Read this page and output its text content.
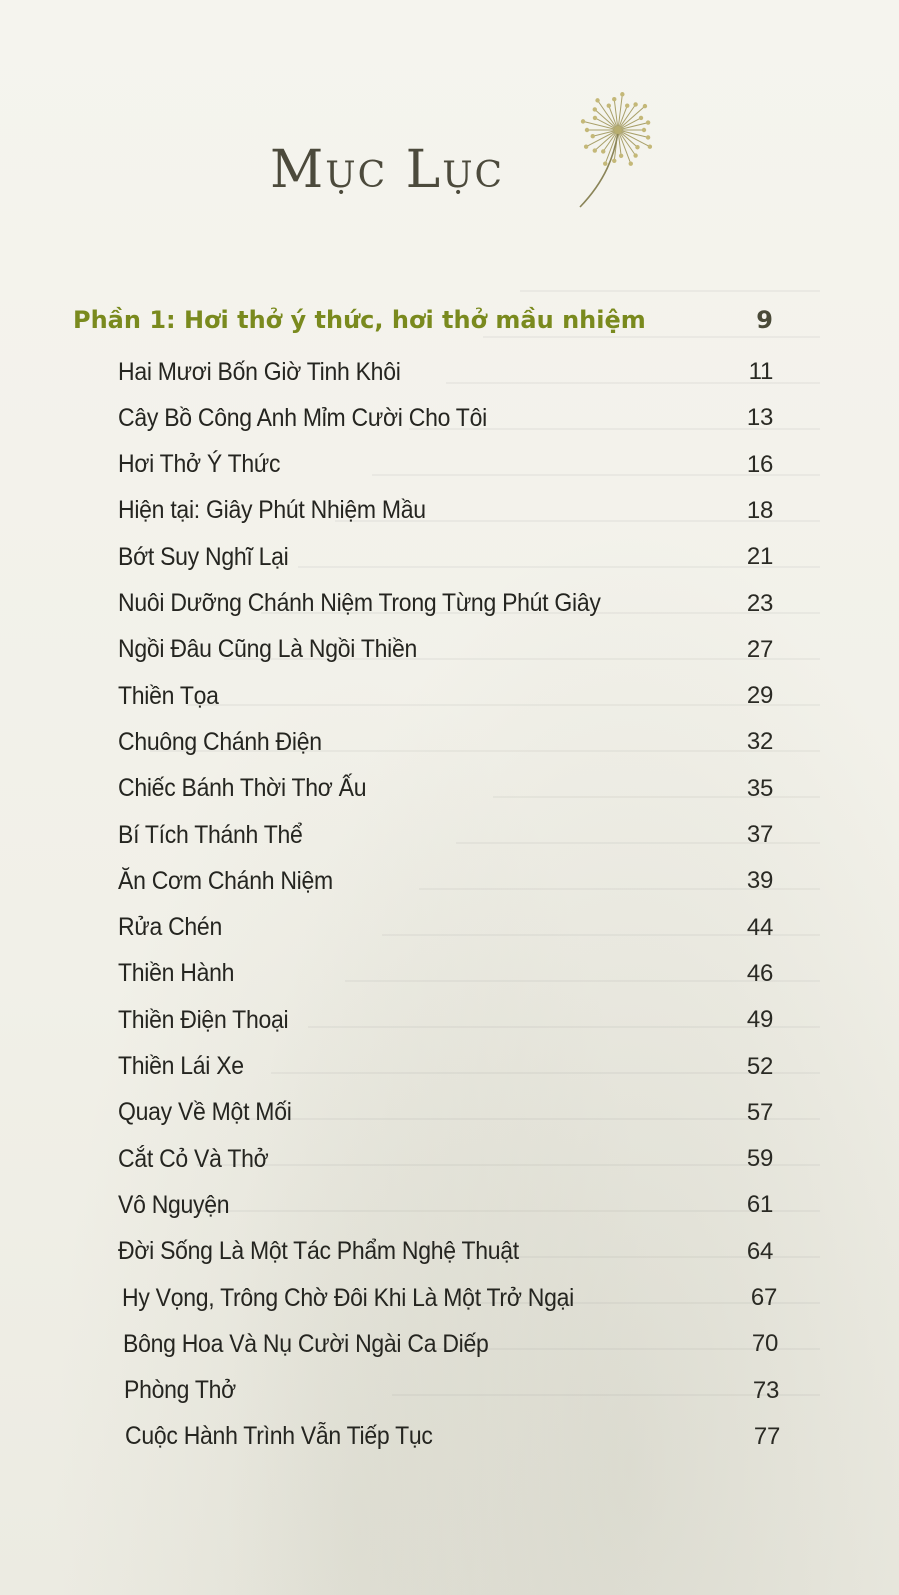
Mục Lục
Phần 1: Hơi thở ý thức, hơi thở mầu nhiệm	9
Hai Mươi Bốn Giờ Tinh Khôi	11
Cây Bồ Công Anh Mỉm Cười Cho Tôi	13
Hơi Thở Ý Thức	16
Hiện tại: Giây Phút Nhiệm Mầu	18
Bớt Suy Nghĩ Lại	21
Nuôi Dưỡng Chánh Niệm Trong Từng Phút Giây	23
Ngồi Đâu Cũng Là Ngồi Thiền	27
Thiền Tọa	29
Chuông Chánh Điện	32
Chiếc Bánh Thời Thơ Ấu	35
Bí Tích Thánh Thể	37
Ăn Cơm Chánh Niệm	39
Rửa Chén	44
Thiền Hành	46
Thiền Điện Thoại	49
Thiền Lái Xe	52
Quay Về Một Mối	57
Cắt Cỏ Và Thở	59
Vô Nguyện	61
Đời Sống Là Một Tác Phẩm Nghệ Thuật	64
Hy Vọng, Trông Chờ Đôi Khi Là Một Trở Ngại	67
Bông Hoa Và Nụ Cười Ngài Ca Diếp	70
Phòng Thở	73
Cuộc Hành Trình Vẫn Tiếp Tục	77
